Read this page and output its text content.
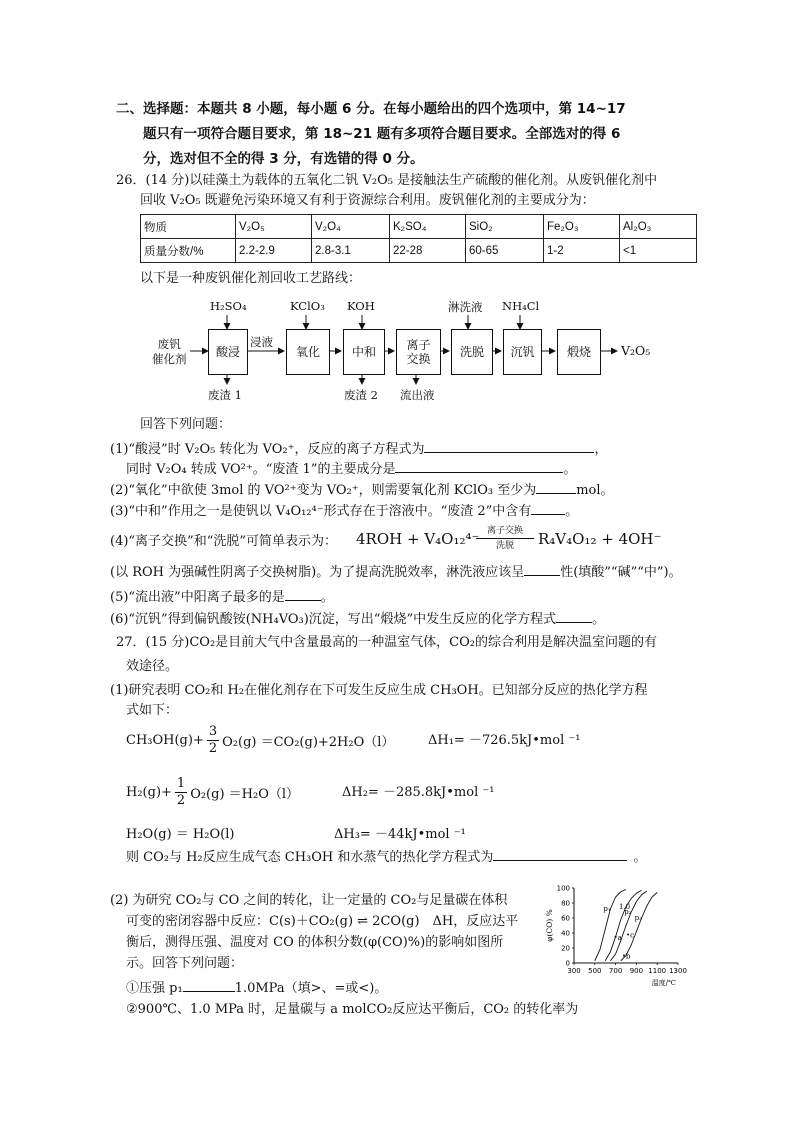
二、选择题：本题共 8 小题，每小题 6 分。在每小题给出的四个选项中，第 14~17
题只有一项符合题目要求，第 18~21 题有多项符合题目要求。全部选对的得 6
分，选对但不全的得 3 分，有选错的得 0 分。
26．(14 分)以硅藻土为载体的五氧化二钒 V₂O₅ 是接触法生产硫酸的催化剂。从废钒催化剂中
回收 V₂O₅ 既避免污染环境又有利于资源综合利用。废钒催化剂的主要成分为：
物质	V₂O₅	V₂O₄	K₂SO₄	SiO₂	Fe₂O₃	Al₂O₃
质量分数/%	2.2-2.9	2.8-3.1	22-28	60-65	1-2	<1
以下是一种废钒催化剂回收工艺路线：
废钒
催化剂	酸浸	氧化	中和	离子
交换	洗脱	沉钒	煅烧
H₂SO₄	KClO₃ KOH	淋洗液 NH₄Cl
浸液
废渣 1	废渣 2 流出液
V₂O₅
回答下列问题：
(1)“酸浸”时 V₂O₅ 转化为 VO₂⁺，反应的离子方程式为	，
同时 V₂O₄ 转成 VO²⁺。“废渣 1”的主要成分是	。
(2)“氧化”中欲使 3mol 的 VO²⁺变为 VO₂⁺，则需要氧化剂 KClO₃ 至少为	mol。
(3)“中和”作用之一是使钒以 V₄O₁₂⁴⁻形式存在于溶液中。“废渣 2”中含有	。
(4)“离子交换”和“洗脱”可简单表示为： 4ROH + V₄O₁₂⁴⁻ 离子交换
洗脱	R₄V₄O₁₂ + 4OH⁻
(以 ROH 为强碱性阴离子交换树脂)。为了提高洗脱效率，淋洗液应该呈	性(填酸”“碱”“中”)。
(5)“流出液”中阳离子最多的是	。
(6)“沉钒”得到偏钒酸铵(NH₄VO₃)沉淀，写出“煅烧”中发生反应的化学方程式	。
27．(15 分)CO₂是目前大气中含量最高的一种温室气体，CO₂的综合利用是解决温室问题的有
效途径。
(1)研究表明 CO₂和 H₂在催化剂存在下可发生反应生成 CH₃OH。已知部分反应的热化学方程
式如下：
$CH_3OH(g)+ \frac{3}{2} O_2(g) =CO_2(g)+2H_2O(l)$	ΔH₁= －726.5kJ•mol ⁻¹
$H_2(g)+ \frac{1}{2} O_2(g) =H_2O(l)$	ΔH₂= －285.8kJ•mol ⁻¹
H₂O(g) ＝ H₂O(l)	ΔH₃= －44kJ•mol ⁻¹
则 CO₂与 H₂反应生成气态 CH₃OH 和水蒸气的热化学方程式为	。
(2) 为研究 CO₂与 CO 之间的转化，让一定量的 CO₂与足量碳在体积
可变的密闭容器中反应：C(s)＋CO₂(g) ⇌ 2CO(g)　ΔH，反应达平
衡后，测得压强、温度对 CO 的体积分数(φ(CO)%)的影响如图所
示。回答下列问题：
①压强 p₁	1.0MPa（填>、=或<)。
②900℃、1.0 MPa 时，足量碳与 a molCO₂反应达平衡后，CO₂ 的转化率为
0
20
40
60
80
100
300 500 700 900 1100 1300
温度/℃
φ(CO) %
p₁ 1.0
p₂
p₃
a c
b
